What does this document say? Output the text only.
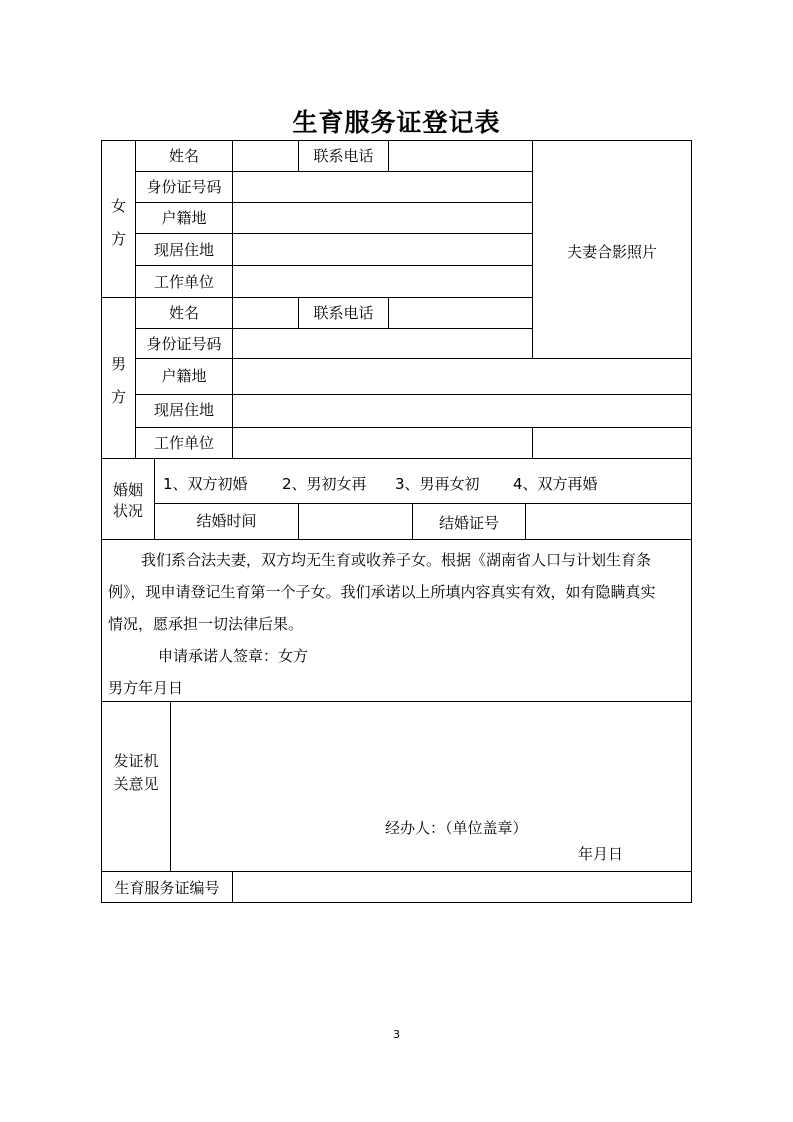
生育服务证登记表
女
方
姓名	联系电话
身份证号码
户籍地
现居住地
工作单位
夫妻合影照片
男
方
姓名	联系电话
身份证号码
户籍地
现居住地
工作单位
婚姻状况
1、双方初婚 2、男初女再 3、男再女初 4、双方再婚
结婚时间	结婚证号
我们系合法夫妻，双方均无生育或收养子女。根据《湖南省人口与计划生育条
例》，现申请登记生育第一个子女。我们承诺以上所填内容真实有效，如有隐瞒真实
情况，愿承担一切法律后果。
申请承诺人签章：女方
男方年月日
发证机关意见
经办人：（单位盖章）
年月日
生育服务证编号
3
